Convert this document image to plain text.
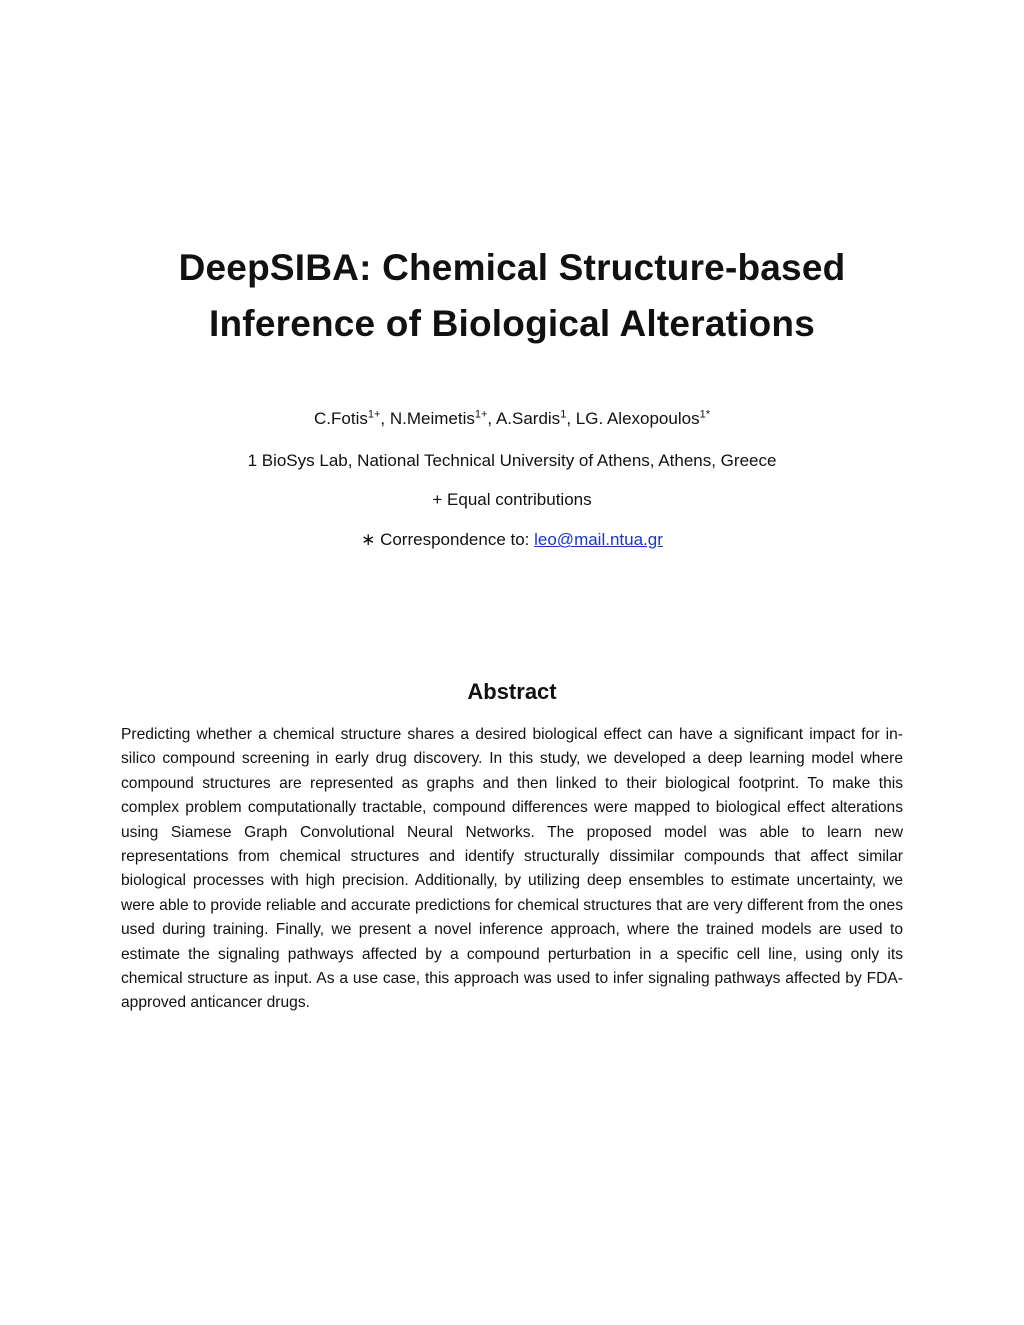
DeepSIBA: Chemical Structure-based
Inference of Biological Alterations
C.Fotis$^{1+}$, N.Meimetis$^{1+}$, A.Sardis$^1$, LG. Alexopoulos$^{1*}$
1 BioSys Lab, National Technical University of Athens, Athens, Greece
+ Equal contributions
∗ Correspondence to: leo@mail.ntua.gr
Abstract

Predicting whether a chemical structure shares a desired biological effect can have a significant impact for in-silico compound screening in early drug discovery. In this study, we developed a deep learning model where compound structures are represented as graphs and then linked to their biological footprint. To make this complex problem computationally tractable, compound differences were mapped to biological effect alterations using Siamese Graph Convolutional Neural Networks. The proposed model was able to learn new representations from chemical structures and identify structurally dissimilar compounds that affect similar biological processes with high precision. Additionally, by utilizing deep ensembles to estimate uncertainty, we were able to provide reliable and accurate predictions for chemical structures that are very different from the ones used during training. Finally, we present a novel inference approach, where the trained models are used to estimate the signaling pathways affected by a compound perturbation in a specific cell line, using only its chemical structure as input. As a use case, this approach was used to infer signaling pathways affected by FDA-approved anticancer drugs.
